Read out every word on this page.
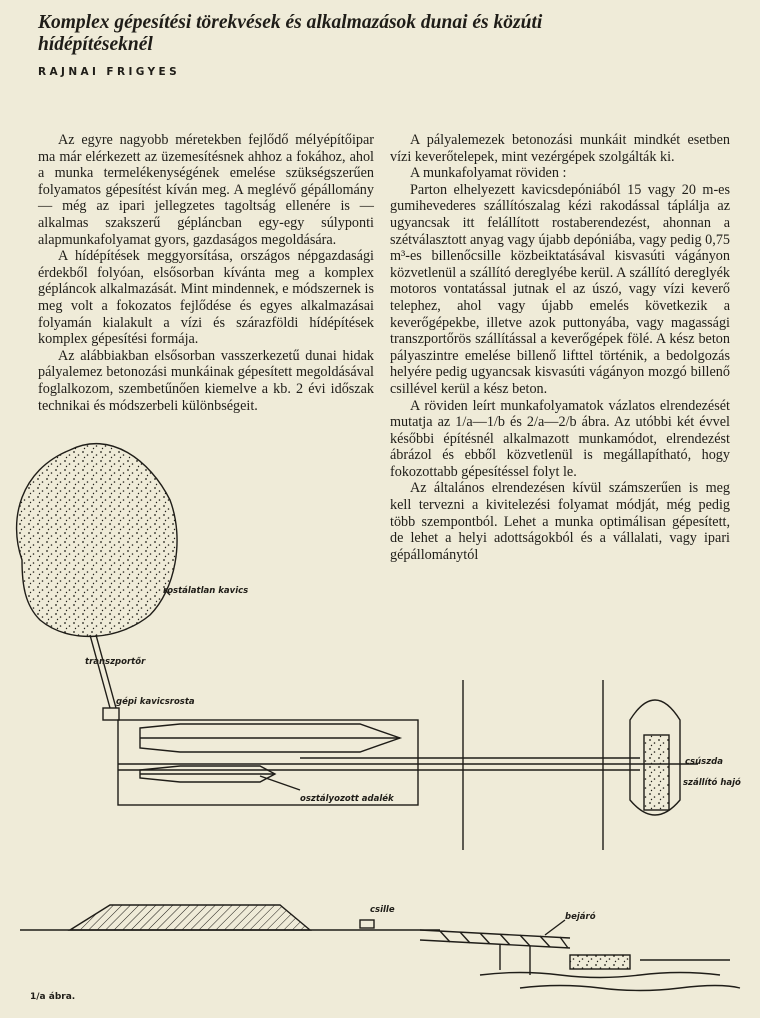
Komplex gépesítési törekvések és alkalmazások dunai és közúti hídépítéseknél
RAJNAI FRIGYES

Az egyre nagyobb méretekben fejlődő mélyépítőipar ma már elérkezett az üzemesítésnek ahhoz a fokához, ahol a munka termelékenységének emelése szükségszerűen folyamatos gépesítést kíván meg. A meglévő gépállomány — még az ipari jellegzetes tagoltság ellenére is — alkalmas szakszerű gépláncban egy-egy súlyponti alapmunkafolyamat gyors, gazdaságos megoldására.

A hídépítések meggyorsítása, országos népgazdasági érdekből folyóan, elsősorban kívánta meg a komplex gépláncok alkalmazását. Mint mindennek, e módszernek is meg volt a fokozatos fejlődése és egyes alkalmazásai folyamán kialakult a vízi és szárazföldi hídépítések komplex gépesítési formája.

Az alábbiakban elsősorban vasszerkezetű dunai hidak pályalemez betonozási munkáinak gépesített megoldásával foglalkozom, szembetűnően kiemelve a kb. 2 évi időszak technikai és módszerbeli különbségeit.

A pályalemezek betonozási munkáit mindkét esetben vízi keverőtelepek, mint vezérgépek szolgálták ki.

A munkafolyamat röviden :

Parton elhelyezett kavicsdepóniából 15 vagy 20 m-es gumihevederes szállítószalag kézi rakodással táplálja az ugyancsak itt felállított rostaberendezést, ahonnan a szétválasztott anyag vagy újabb depóniába, vagy pedig 0,75 m³-es billenőcsille közbeiktatásával kisvasúti vágányon közvetlenül a szállító dereglyébe kerül. A szállító dereglyék motoros vontatással jutnak el az úszó, vagy vízi keverő telephez, ahol vagy újabb emelés következik a keverőgépekbe, illetve azok puttonyába, vagy magassági transzportőrös szállítással a keverőgépek fölé. A kész beton pályaszintre emelése billenő lifttel történik, a bedolgozás helyére pedig ugyancsak kisvasúti vágányon mozgó billenő csillével kerül a kész beton.

A röviden leírt munkafolyamatok vázlatos elrendezését mutatja az 1/a—1/b és 2/a—2/b ábra. Az utóbbi két évvel későbbi építésnél alkalmazott munkamódot, elrendezést ábrázol és ebből közvetlenül is megállapítható, hogy fokozottabb gépesítéssel folyt le.

Az általános elrendezésen kívül számszerűen is meg kell tervezni a kivitelezési folyamat módját, még pedig több szempontból. Lehet a munka optimálisan gépesített, de lehet a helyi adottságokból és a vállalati, vagy ipari gépállománytól

rostálatlan kavics
transzportőr
gépi kavicsrosta
osztályozott adalék
csúszda
szállító hajó
csille
bejáró
1/a ábra.
